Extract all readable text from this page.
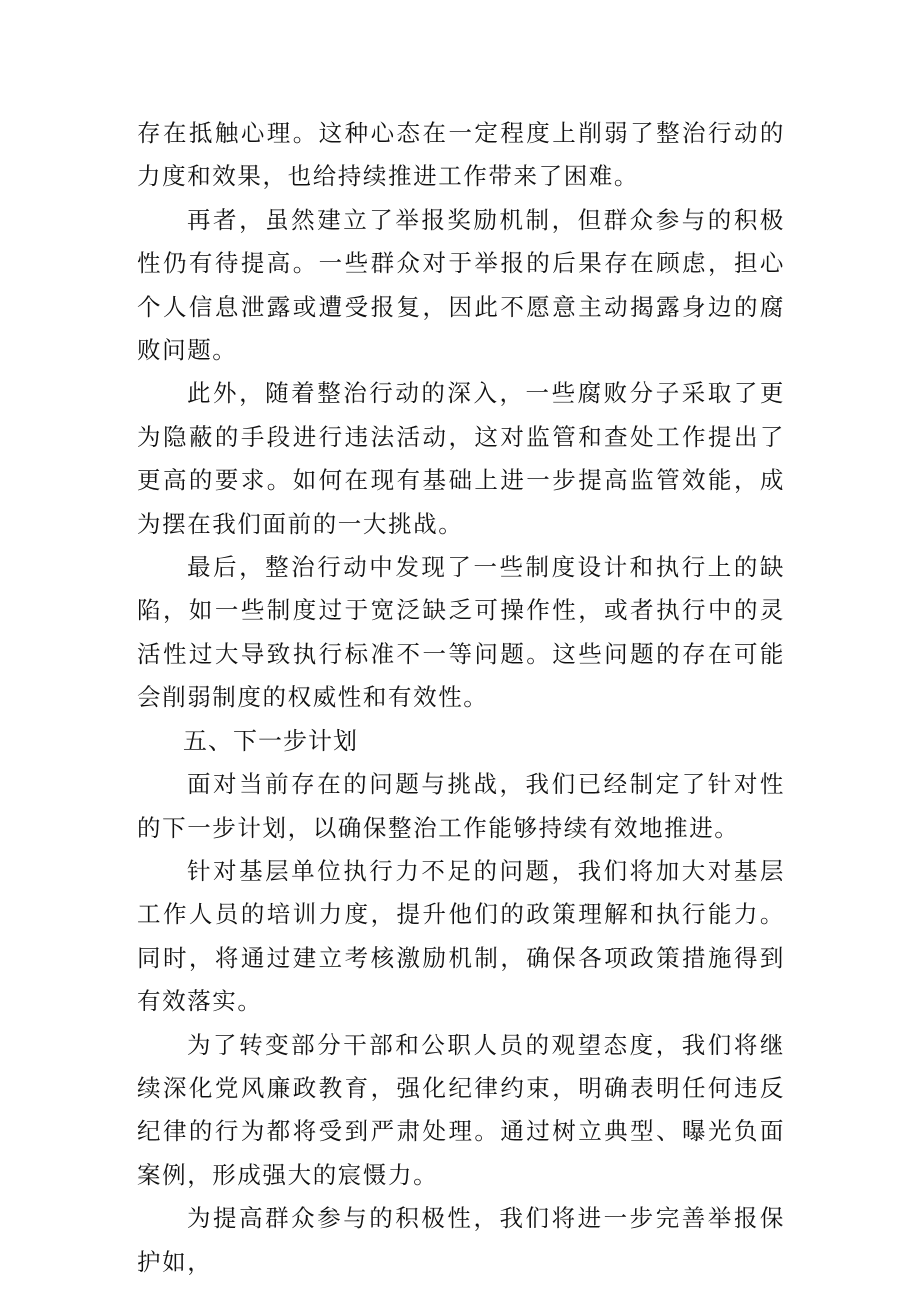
存在抵触心理。这种心态在一定程度上削弱了整治行动的力度和效果，也给持续推进工作带来了困难。

再者，虽然建立了举报奖励机制，但群众参与的积极性仍有待提高。一些群众对于举报的后果存在顾虑，担心个人信息泄露或遭受报复，因此不愿意主动揭露身边的腐败问题。

此外，随着整治行动的深入，一些腐败分子采取了更为隐蔽的手段进行违法活动，这对监管和查处工作提出了更高的要求。如何在现有基础上进一步提高监管效能，成为摆在我们面前的一大挑战。

最后，整治行动中发现了一些制度设计和执行上的缺陷，如一些制度过于宽泛缺乏可操作性，或者执行中的灵活性过大导致执行标准不一等问题。这些问题的存在可能会削弱制度的权威性和有效性。

五、下一步计划

面对当前存在的问题与挑战，我们已经制定了针对性的下一步计划，以确保整治工作能够持续有效地推进。

针对基层单位执行力不足的问题，我们将加大对基层工作人员的培训力度，提升他们的政策理解和执行能力。同时，将通过建立考核激励机制，确保各项政策措施得到有效落实。

为了转变部分干部和公职人员的观望态度，我们将继续深化党风廉政教育，强化纪律约束，明确表明任何违反纪律的行为都将受到严肃处理。通过树立典型、曝光负面案例，形成强大的宸慑力。

为提高群众参与的积极性，我们将进一步完善举报保护如，
